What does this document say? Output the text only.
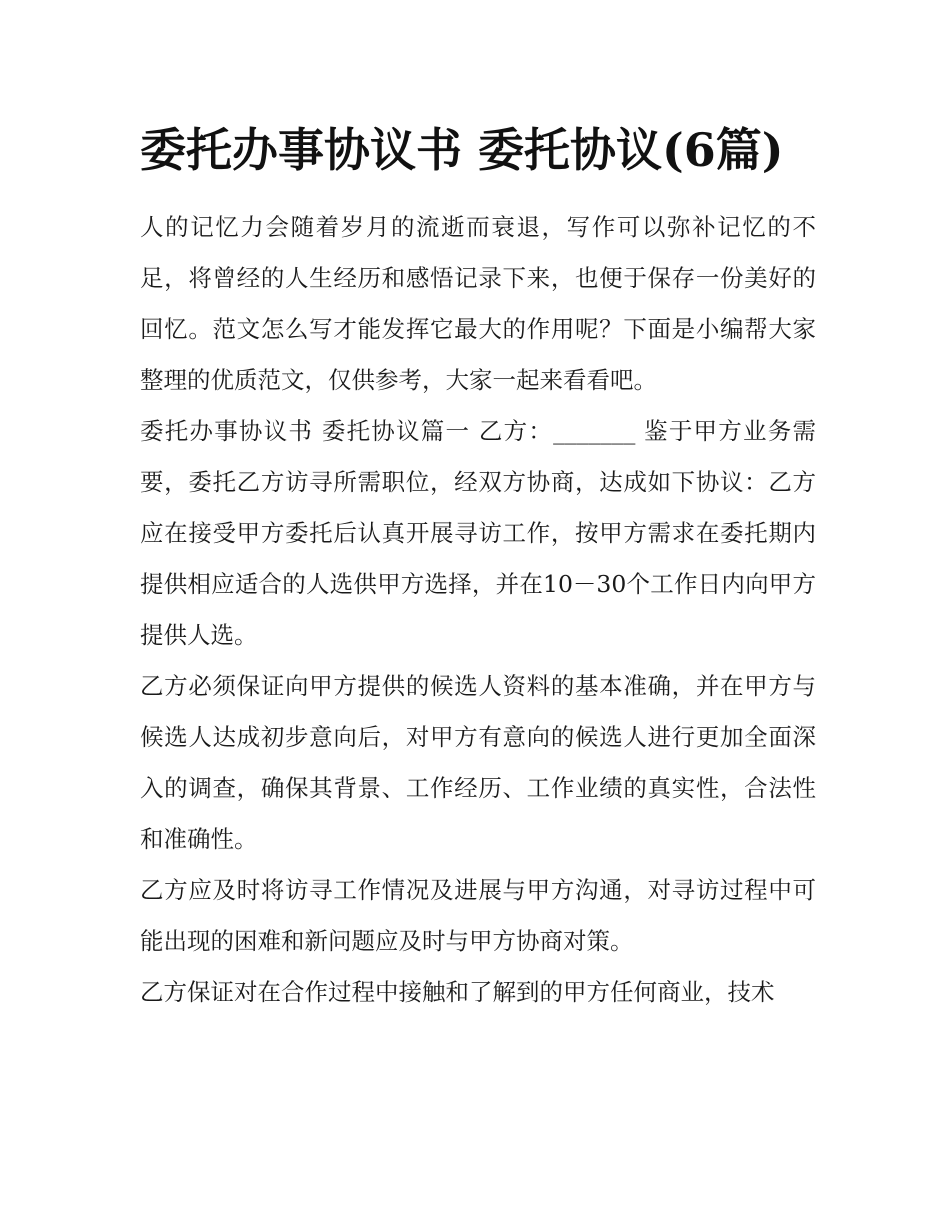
委托办事协议书 委托协议(6篇)

人的记忆力会随着岁月的流逝而衰退，写作可以弥补记忆的不足，将曾经的人生经历和感悟记录下来，也便于保存一份美好的回忆。范文怎么写才能发挥它最大的作用呢？下面是小编帮大家整理的优质范文，仅供参考，大家一起来看看吧。

委托办事协议书 委托协议篇一 乙方：_______ 鉴于甲方业务需要，委托乙方访寻所需职位，经双方协商，达成如下协议：乙方应在接受甲方委托后认真开展寻访工作，按甲方需求在委托期内提供相应适合的人选供甲方选择，并在10－30个工作日内向甲方提供人选。

乙方必须保证向甲方提供的候选人资料的基本准确，并在甲方与候选人达成初步意向后，对甲方有意向的候选人进行更加全面深入的调查，确保其背景、工作经历、工作业绩的真实性，合法性和准确性。

乙方应及时将访寻工作情况及进展与甲方沟通，对寻访过程中可能出现的困难和新问题应及时与甲方协商对策。

乙方保证对在合作过程中接触和了解到的甲方任何商业，技术
